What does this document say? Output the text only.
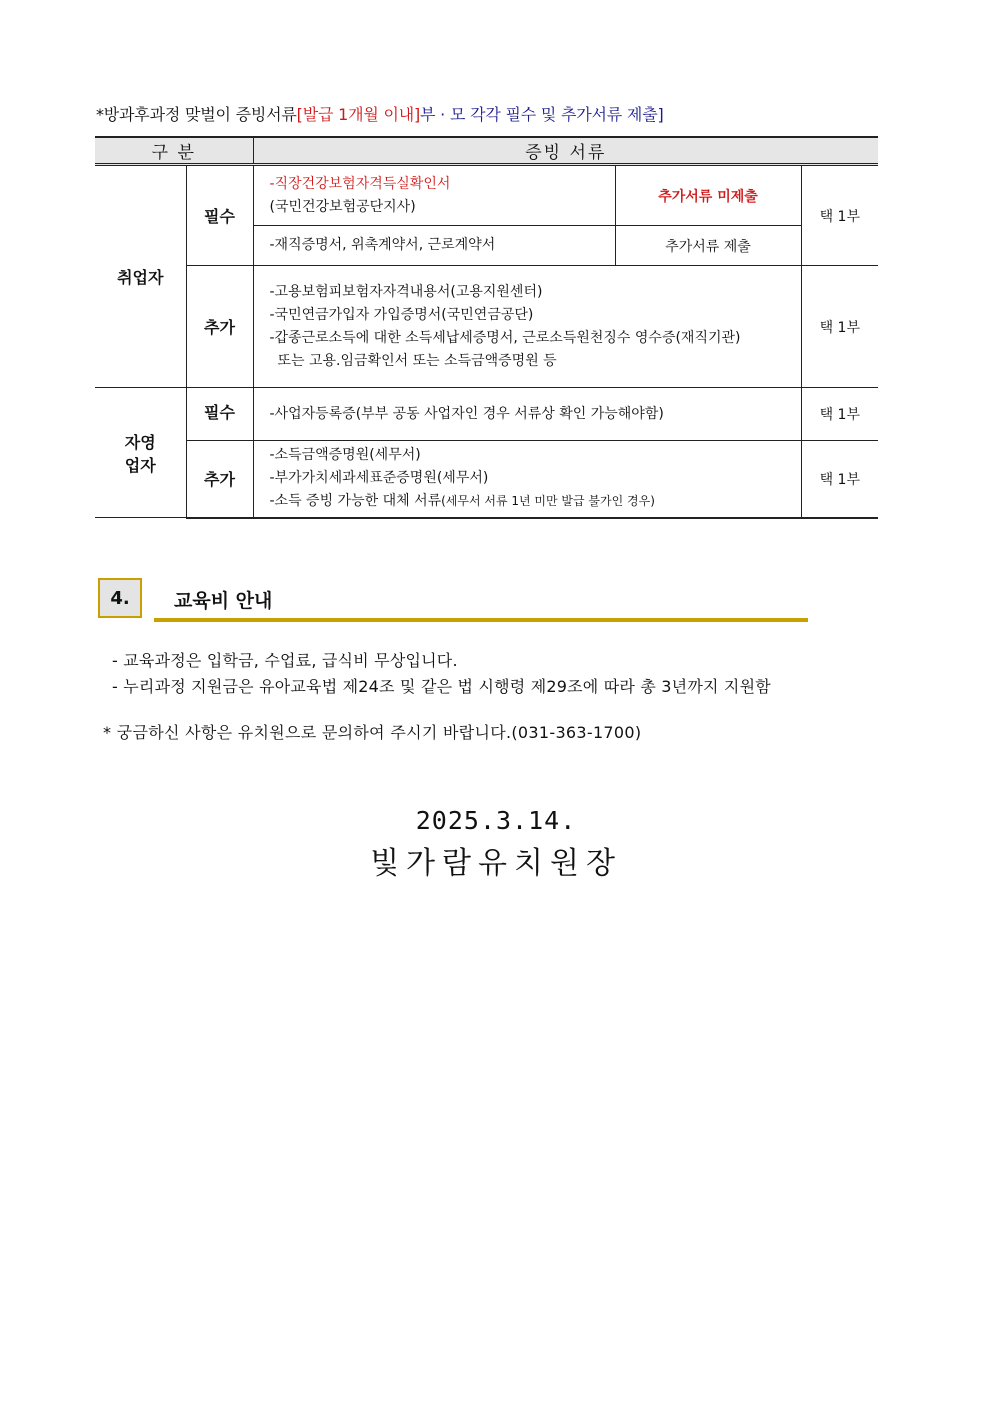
*방과후과정 맞벌이 증빙서류[발급 1개월 이내]부 · 모 각각 필수 및 추가서류 제출]
구 분		증빙 서류		
취업자	필수	-직장건강보험자격득실확인서
(국민건강보험공단지사)	추가서류 미제출	택 1부
		-재직증명서, 위촉계약서, 근로계약서	추가서류 제출	
	추가	-고용보험피보험자자격내용서(고용지원센터)
-국민연금가입자 가입증명서(국민연금공단)
-갑종근로소득에 대한 소득세납세증명서, 근로소득원천징수 영수증(재직기관)
또는 고용.임금확인서 또는 소득금액증명원 등		택 1부

자영
업자	필수	-사업자등록증(부부 공동 사업자인 경우 서류상 확인 가능해야함)		택 1부
	추가	-소득금액증명원(세무서)
-부가가치세과세표준증명원(세무서)
-소득 증빙 가능한 대체 서류(세무서 서류 1년 미만 발급 불가인 경우)		택 1부
4.	교육비 안내
- 교육과정은 입학금, 수업료, 급식비 무상입니다.
- 누리과정 지원금은 유아교육법 제24조 및 같은 법 시행령 제29조에 따라 총 3년까지 지원함
* 궁금하신 사항은 유치원으로 문의하여 주시기 바랍니다.(031-363-1700)
2025.3.14.
빛가람유치원장
